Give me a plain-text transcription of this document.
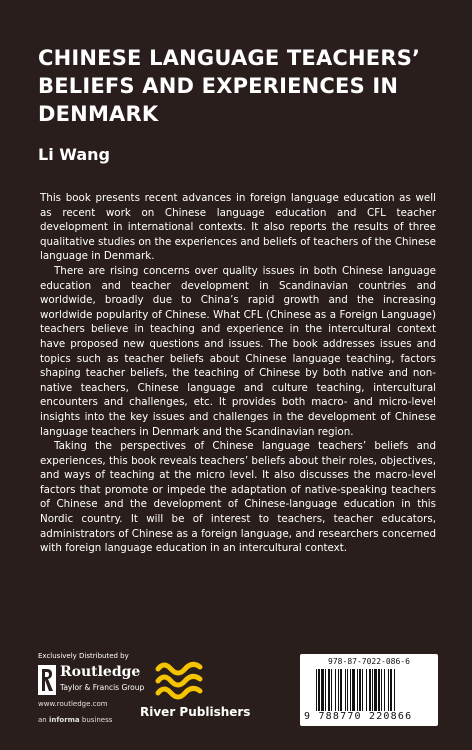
CHINESE LANGUAGE TEACHERS’ BELIEFS AND EXPERIENCES IN DENMARK

Li Wang

This book presents recent advances in foreign language education as well as recent work on Chinese language education and CFL teacher development in international contexts. It also reports the results of three qualitative studies on the experiences and beliefs of teachers of the Chinese language in Denmark.

There are rising concerns over quality issues in both Chinese language education and teacher development in Scandinavian countries and worldwide, broadly due to China’s rapid growth and the increasing worldwide popularity of Chinese. What CFL (Chinese as a Foreign Language) teachers believe in teaching and experience in the intercultural context have proposed new questions and issues. The book addresses issues and topics such as teacher beliefs about Chinese language teaching, factors shaping teacher beliefs, the teaching of Chinese by both native and non-native teachers, Chinese language and culture teaching, intercultural encounters and challenges, etc. It provides both macro- and micro-level insights into the key issues and challenges in the development of Chinese language teachers in Denmark and the Scandinavian region.

Taking the perspectives of Chinese language teachers’ beliefs and experiences, this book reveals teachers’ beliefs about their roles, objectives, and ways of teaching at the micro level. It also discusses the macro-level factors that promote or impede the adaptation of native-speaking teachers of Chinese and the development of Chinese-language education in this Nordic country. It will be of interest to teachers, teacher educators, administrators of Chinese as a foreign language, and researchers concerned with foreign language education in an intercultural context.

Exclusively Distributed by
Routledge
Taylor & Francis Group
www.routledge.com
an informa business
River Publishers
978-87-7022-086-6
9 788770 220866
